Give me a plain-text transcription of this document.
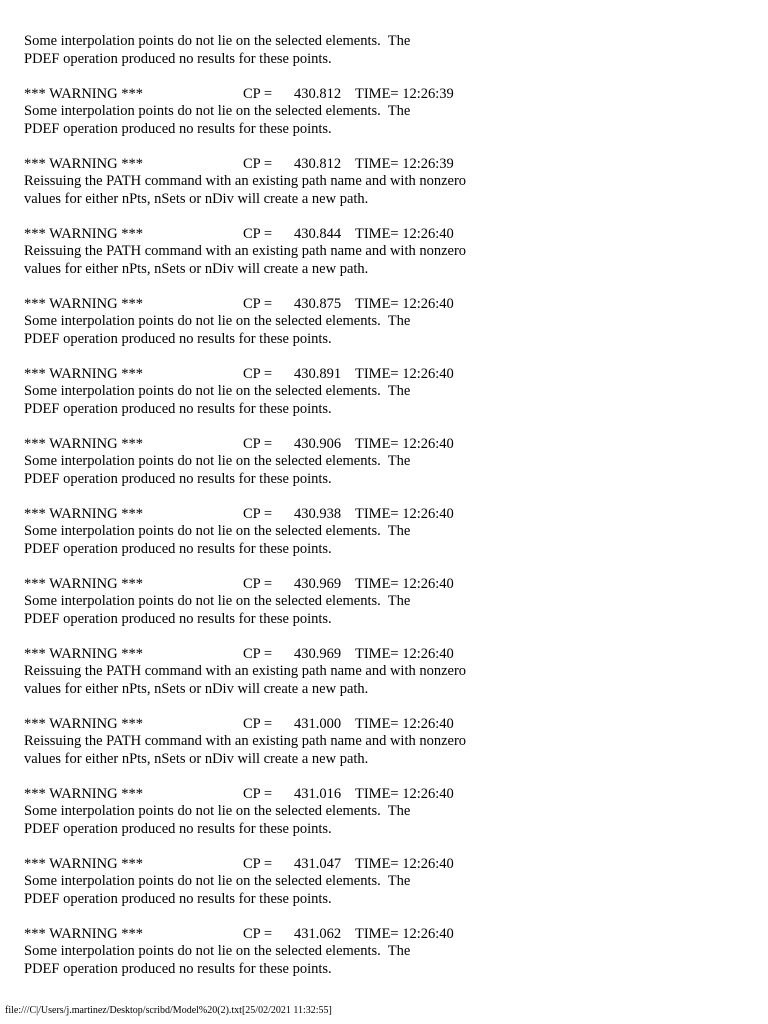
Some interpolation points do not lie on the selected elements.  The
PDEF operation produced no results for these points.
*** WARNING ***	CP = 430.812 TIME= 12:26:39
Some interpolation points do not lie on the selected elements.  The
PDEF operation produced no results for these points.
*** WARNING ***	CP = 430.812 TIME= 12:26:39
Reissuing the PATH command with an existing path name and with nonzero
values for either nPts, nSets or nDiv will create a new path.
*** WARNING ***	CP = 430.844 TIME= 12:26:40
Reissuing the PATH command with an existing path name and with nonzero
values for either nPts, nSets or nDiv will create a new path.
*** WARNING ***	CP = 430.875 TIME= 12:26:40
Some interpolation points do not lie on the selected elements.  The
PDEF operation produced no results for these points.
*** WARNING ***	CP = 430.891 TIME= 12:26:40
Some interpolation points do not lie on the selected elements.  The
PDEF operation produced no results for these points.
*** WARNING ***	CP = 430.906 TIME= 12:26:40
Some interpolation points do not lie on the selected elements.  The
PDEF operation produced no results for these points.
*** WARNING ***	CP = 430.938 TIME= 12:26:40
Some interpolation points do not lie on the selected elements.  The
PDEF operation produced no results for these points.
*** WARNING ***	CP = 430.969 TIME= 12:26:40
Some interpolation points do not lie on the selected elements.  The
PDEF operation produced no results for these points.
*** WARNING ***	CP = 430.969 TIME= 12:26:40
Reissuing the PATH command with an existing path name and with nonzero
values for either nPts, nSets or nDiv will create a new path.
*** WARNING ***	CP = 431.000 TIME= 12:26:40
Reissuing the PATH command with an existing path name and with nonzero
values for either nPts, nSets or nDiv will create a new path.
*** WARNING ***	CP = 431.016 TIME= 12:26:40
Some interpolation points do not lie on the selected elements.  The
PDEF operation produced no results for these points.
*** WARNING ***	CP = 431.047 TIME= 12:26:40
Some interpolation points do not lie on the selected elements.  The
PDEF operation produced no results for these points.
*** WARNING ***	CP = 431.062 TIME= 12:26:40
Some interpolation points do not lie on the selected elements.  The
PDEF operation produced no results for these points.
file:///C|/Users/j.martinez/Desktop/scribd/Model%20(2).txt[25/02/2021 11:32:55]
